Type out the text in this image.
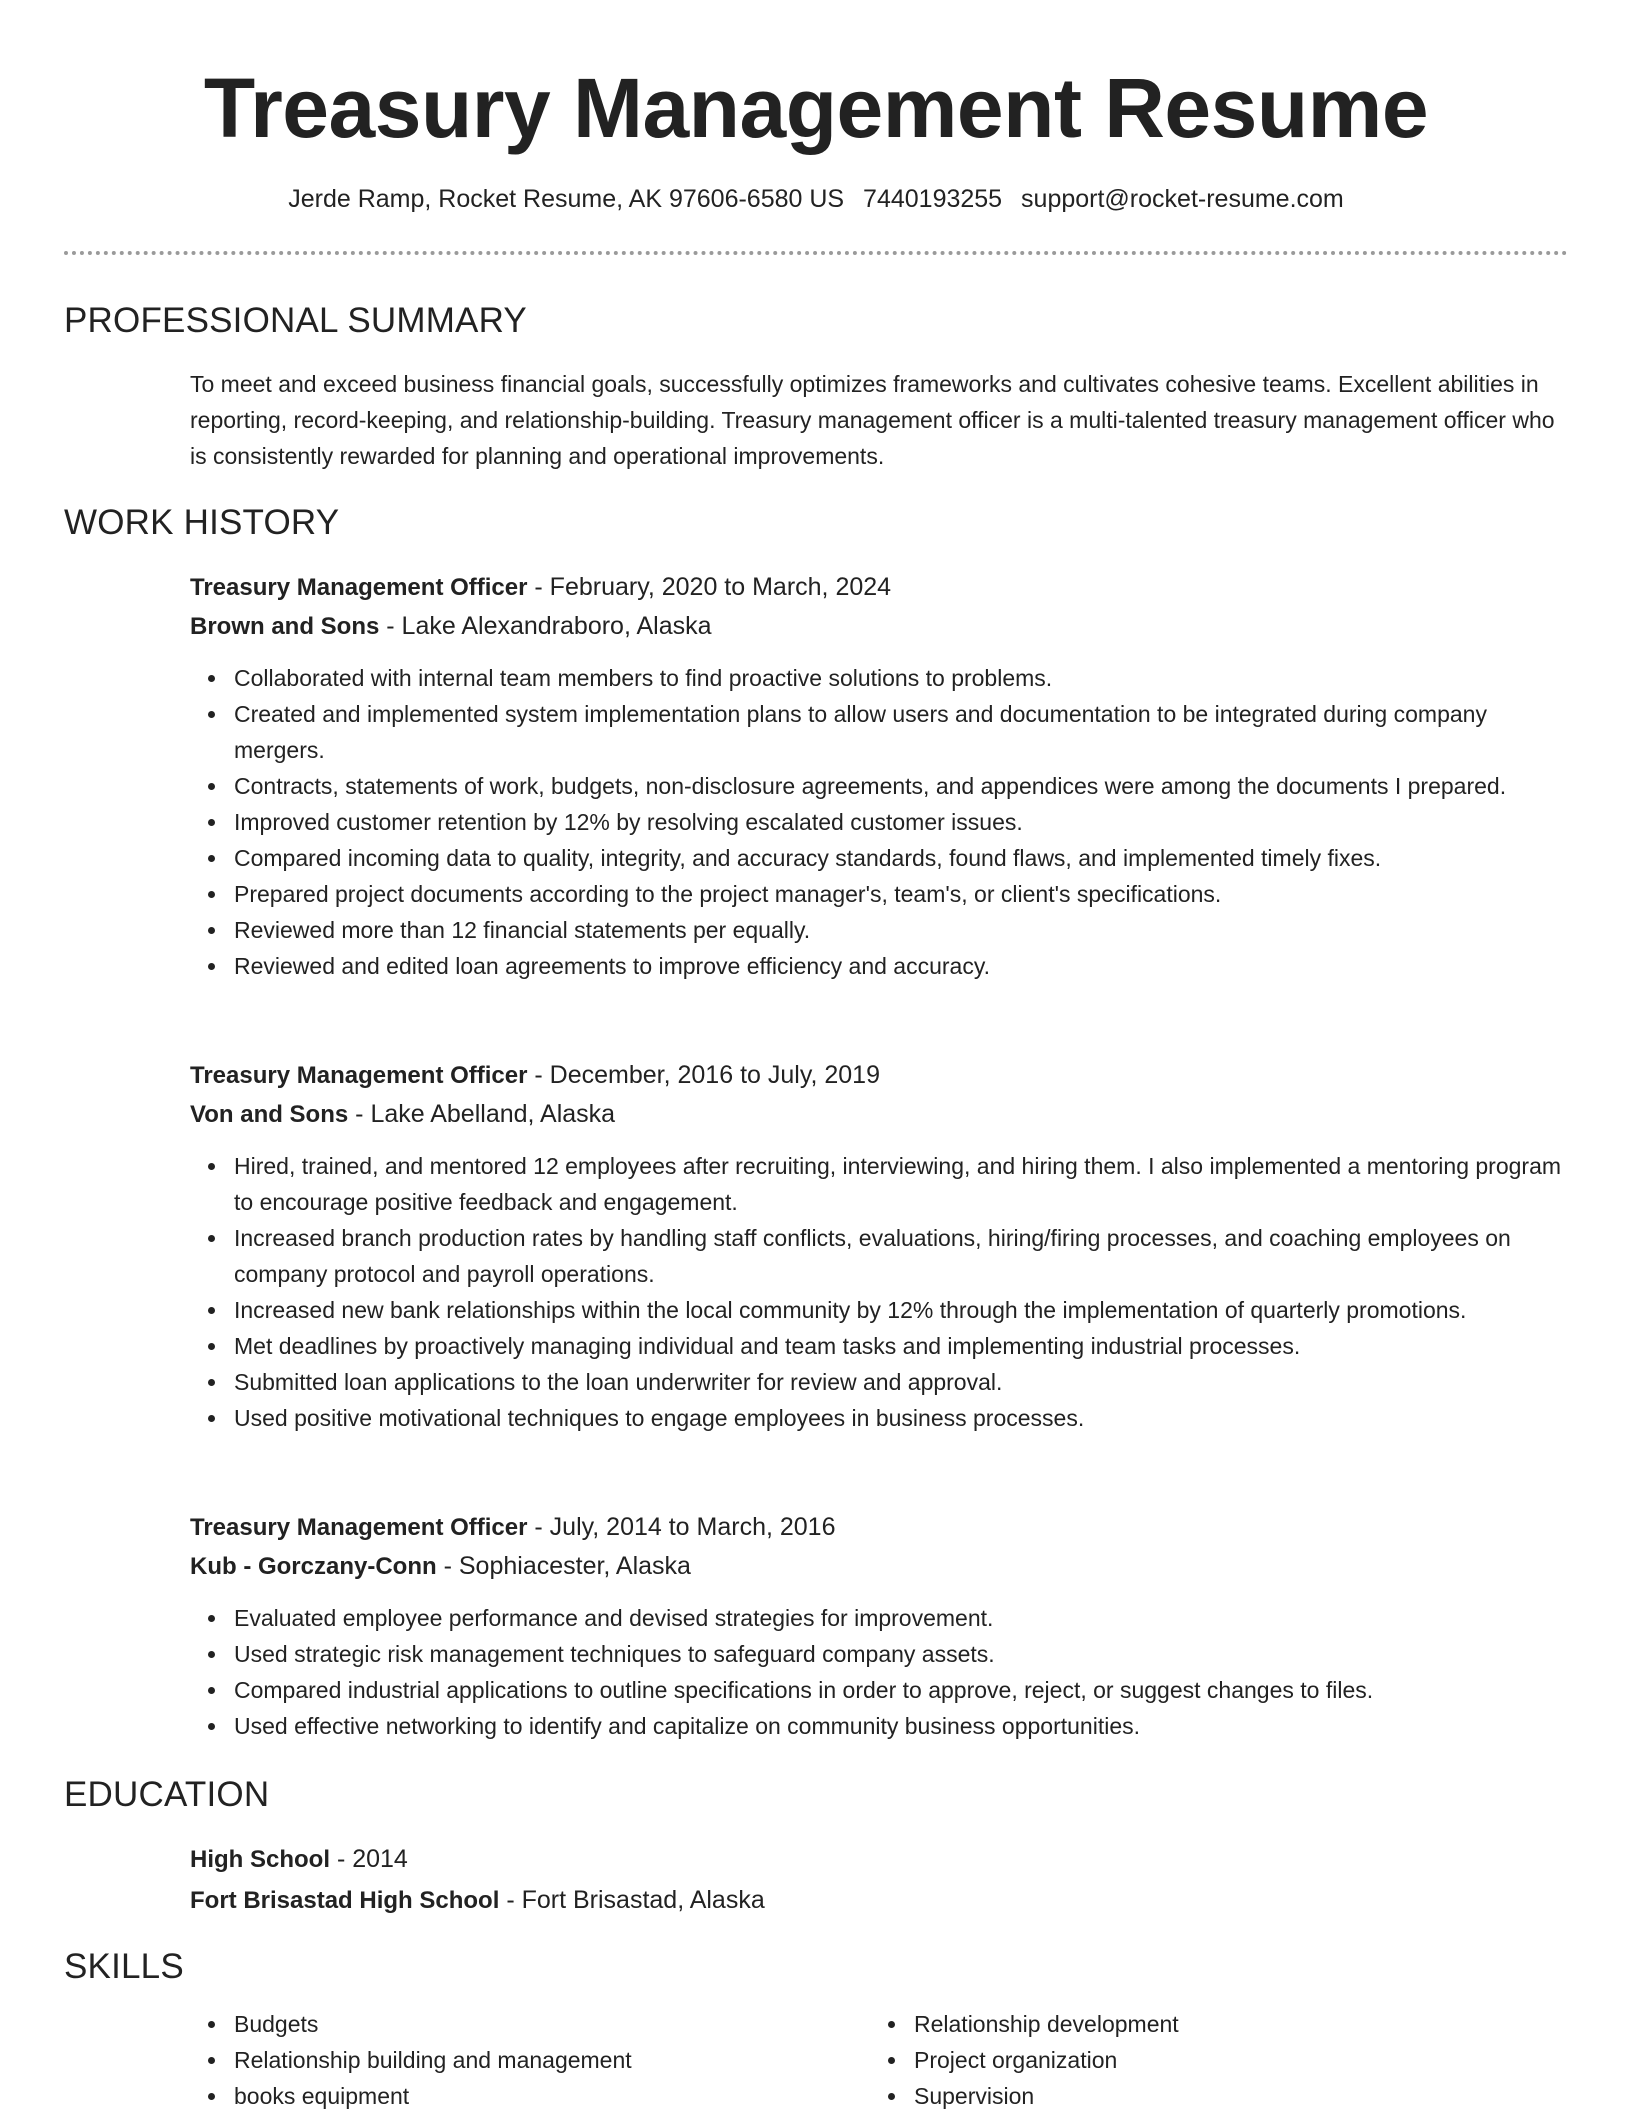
Treasury Management Resume
Jerde Ramp, Rocket Resume, AK 97606-6580 US 7440193255 support@rocket-resume.com
PROFESSIONAL SUMMARY

To meet and exceed business financial goals, successfully optimizes frameworks and cultivates cohesive teams. Excellent abilities in reporting, record-keeping, and relationship-building. Treasury management officer is a multi-talented treasury management officer who is consistently rewarded for planning and operational improvements.

WORK HISTORY
Treasury Management Officer - February, 2020 to March, 2024
Brown and Sons - Lake Alexandraboro, Alaska
Collaborated with internal team members to find proactive solutions to problems.
Created and implemented system implementation plans to allow users and documentation to be integrated during company mergers.
Contracts, statements of work, budgets, non-disclosure agreements, and appendices were among the documents I prepared.
Improved customer retention by 12% by resolving escalated customer issues.
Compared incoming data to quality, integrity, and accuracy standards, found flaws, and implemented timely fixes.
Prepared project documents according to the project manager's, team's, or client's specifications.
Reviewed more than 12 financial statements per equally.
Reviewed and edited loan agreements to improve efficiency and accuracy.
Treasury Management Officer - December, 2016 to July, 2019
Von and Sons - Lake Abelland, Alaska
Hired, trained, and mentored 12 employees after recruiting, interviewing, and hiring them. I also implemented a mentoring program to encourage positive feedback and engagement.
Increased branch production rates by handling staff conflicts, evaluations, hiring/firing processes, and coaching employees on company protocol and payroll operations.
Increased new bank relationships within the local community by 12% through the implementation of quarterly promotions.
Met deadlines by proactively managing individual and team tasks and implementing industrial processes.
Submitted loan applications to the loan underwriter for review and approval.
Used positive motivational techniques to engage employees in business processes.
Treasury Management Officer - July, 2014 to March, 2016
Kub - Gorczany-Conn - Sophiacester, Alaska
Evaluated employee performance and devised strategies for improvement.
Used strategic risk management techniques to safeguard company assets.
Compared industrial applications to outline specifications in order to approve, reject, or suggest changes to files.
Used effective networking to identify and capitalize on community business opportunities.
EDUCATION
High School - 2014
Fort Brisastad High School - Fort Brisastad, Alaska
SKILLS
Budgets
Relationship building and management
books equipment
Relationship development
Project organization
Supervision
